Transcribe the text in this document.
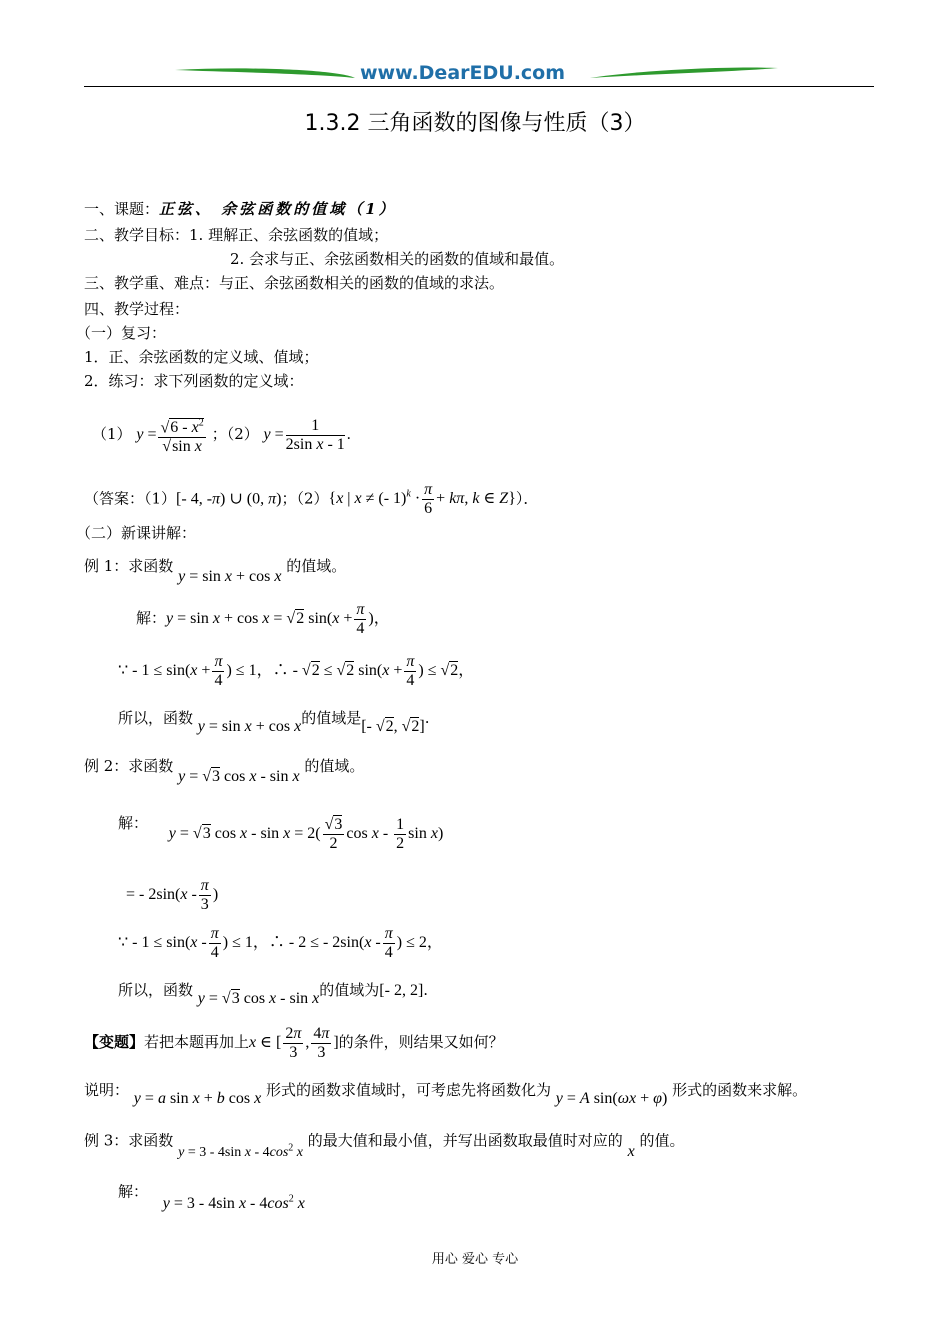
www.DearEDU.com
1.3.2 三角函数的图像与性质（3）
一、课题：正弦、 余弦函数的值域（1）
二、教学目标：1. 理解正、余弦函数的值域；
2. 会求与正、余弦函数相关的函数的值域和最值。
三、教学重、难点：与正、余弦函数相关的函数的值域的求法。
四、教学过程：
（一）复习：
1．正、余弦函数的定义域、值域；
2．练习：求下列函数的定义域：
（1） $y = \frac{√6 - x^2}{\text{√sin x}}$ ；（2） $y = \frac{1}{\text{2sin x - 1}}$ .
（答案：（1）[- 4, -π) ∪ (0, π)；（2）{x | x ≠ (- $1)^k \cdot \frac{\pi}{6} + k\pi$, k ∈ Z}）．
（二）新课讲解：
例 1：求函数 y = sin x + cos x 的值域。
解：y = sin x + cos x = √2 $\sin(x + \frac{\pi}{4}$ )，
∵ - $1 \le \sin(x + \frac{\pi}{4}$ ) ≤ 1，∴ - √2 ≤ √2 $\sin(x + \frac{\pi}{4}$ ) ≤ √2，
所以，函数 y = sin x + cos x的值域是[- √2, √2].
例 2：求函数 y = √3 cos x - sin x 的值域。
解： y = √3 $\cos x - \sin x = 2( \frac{√3}{2}$ cos x - $\frac{1}{2}$ sin x)
= - $2\sin(x - \frac{\pi}{3}$ )
∵ - $1 \le \sin(x - \frac{\pi}{4}$ ) ≤ 1，∴ - 2 ≤ - $2\sin(x - \frac{\pi}{4}$ ) ≤ 2，
所以，函数 y = √3 cos x - sin x的值域为[- 2, 2].
【变题】若把本题再加上x ∈ [ $\frac{2\pi}{3}$ , $\frac{4\pi}{3}$ ]的条件，则结果又如何？
说明： y = a sin x + b cos x 形式的函数求值域时，可考虑先将函数化为 y = A sin(ωx + φ) 形式的函数来求解。
例 3：求函数 y = 3 - 4sin x - $4\cos^2$ x 的最大值和最小值，并写出函数取最值时对应的 x 的值。
解： y = 3 - 4sin x - $4\cos^2$ x
用心 爱心 专心
